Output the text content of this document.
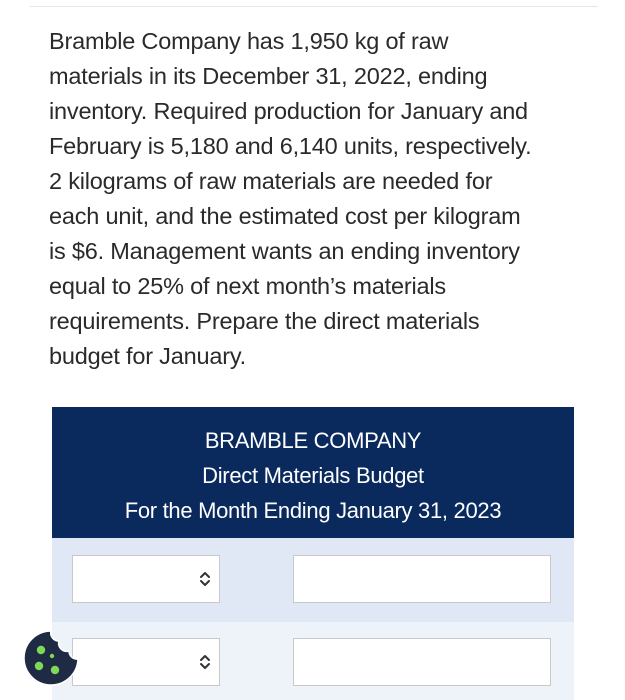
Bramble Company has 1,950 kg of raw
materials in its December 31, 2022, ending
inventory. Required production for January and
February is 5,180 and 6,140 units, respectively.
2 kilograms of raw materials are needed for
each unit, and the estimated cost per kilogram
is $6. Management wants an ending inventory
equal to 25% of next month’s materials
requirements. Prepare the direct materials
budget for January.
BRAMBLE COMPANY
Direct Materials Budget
For the Month Ending January 31, 2023
